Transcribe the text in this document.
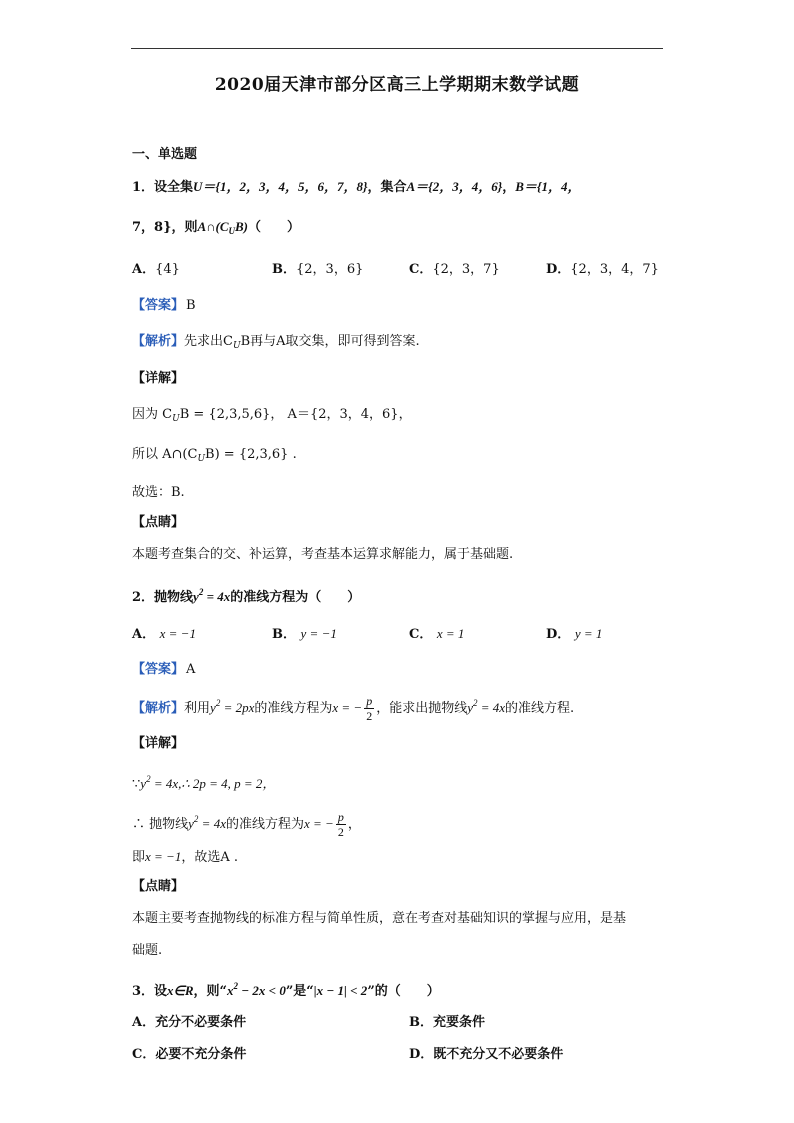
2020届天津市部分区高三上学期期末数学试题
一、单选题
1．设全集U＝{1，2，3，4，5，6，7，8}，集合A＝{2，3，4，6}，B＝{1，4，
7，8}，则$A\cap(C_UB)$（　　）
A．{4}	B．{2，3，6}	C．{2，3，7}	D．{2，3，4，7}
【答案】 B
【解析】先求出$C_UB$再与A取交集，即可得到答案.
【详解】
因为 $C_UB = \{2,3,5,6\}$， A＝{2，3，4，6}，
所以 $A\cap(C_UB) = \{2,3,6\}$ .
故选：B.
【点睛】
本题考查集合的交、补运算，考查基本运算求解能力，属于基础题.
2．抛物线$y^2 = 4x$的准线方程为（　　）
A． x = −1	B． y = −1	C． x = 1	D． y = 1
【答案】 A
【解析】利用$y^2 = 2px$的准线方程为x = − $\frac{p}{2}$ ，能求出抛物线$y^2 = 4x$的准线方程.
【详解】
$\because y^2$ = 4x,∴ 2p = 4, p = 2，
∴ 抛物线$y^2 = 4x$的准线方程为x = − $\frac{p}{2}$ ，
即x = −1，故选A .
【点睛】
本题主要考查抛物线的标准方程与简单性质，意在考查对基础知识的掌握与应用，是基
础题.
3．设x∈R，则“$x^2 - 2x < 0$”是“|x − 1| < 2”的（　　）
A．充分不必要条件	B．充要条件
C．必要不充分条件	D．既不充分又不必要条件
